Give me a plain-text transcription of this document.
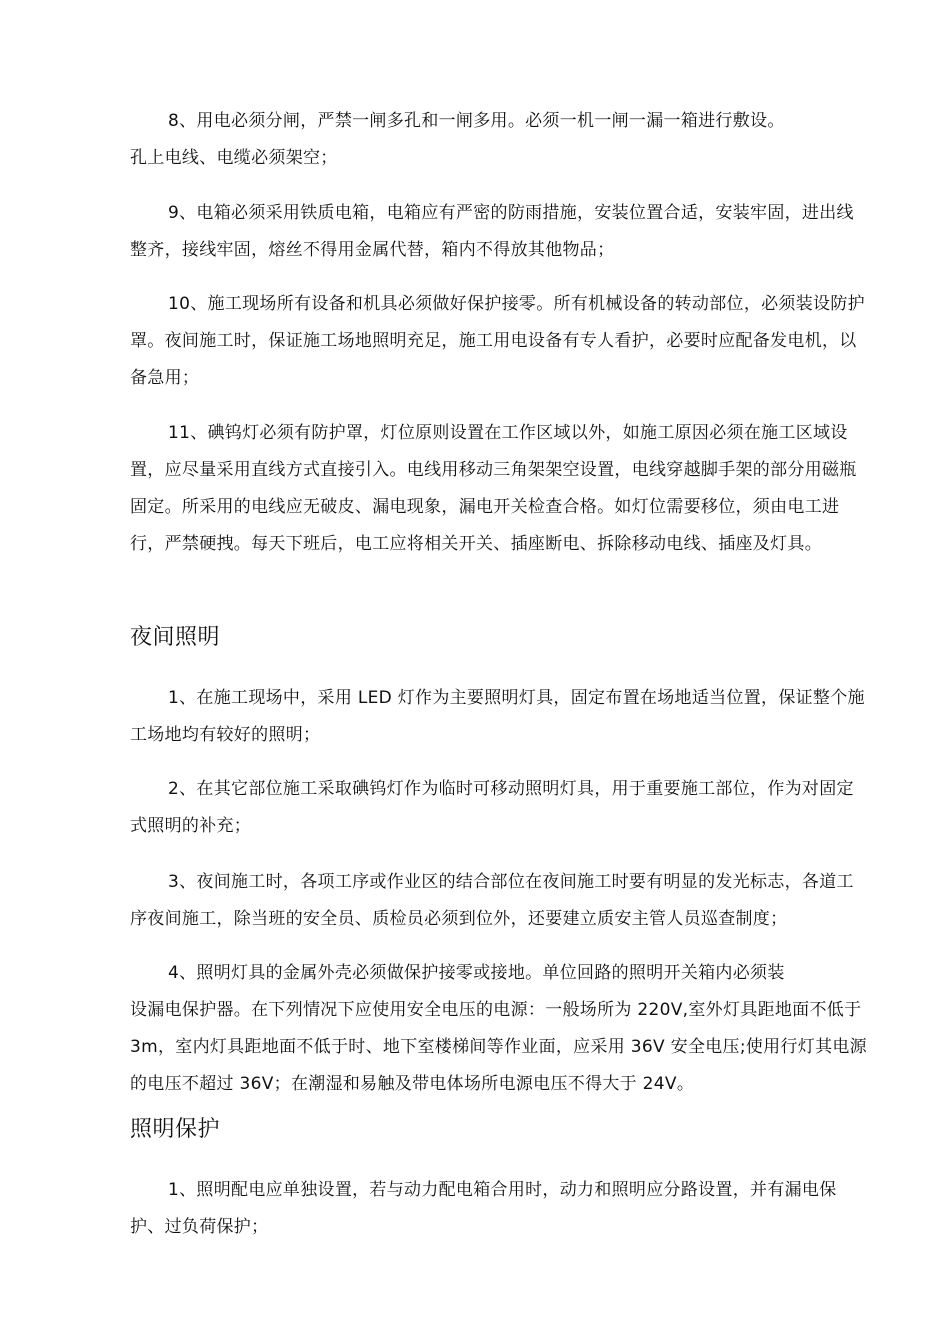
8、用电必须分闸，严禁一闸多孔和一闸多用。必须一机一闸一漏一箱进行敷设。

孔上电线、电缆必须架空；

9、电箱必须采用铁质电箱，电箱应有严密的防雨措施，安装位置合适，安装牢固，进出线整齐，接线牢固，熔丝不得用金属代替，箱内不得放其他物品；

10、施工现场所有设备和机具必须做好保护接零。所有机械设备的转动部位，必须装设防护罩。夜间施工时，保证施工场地照明充足，施工用电设备有专人看护，必要时应配备发电机，以备急用；

11、碘钨灯必须有防护罩，灯位原则设置在工作区域以外，如施工原因必须在施工区域设置，应尽量采用直线方式直接引入。电线用移动三角架架空设置，电线穿越脚手架的部分用磁瓶固定。所采用的电线应无破皮、漏电现象，漏电开关检查合格。如灯位需要移位，须由电工进行，严禁硬拽。每天下班后，电工应将相关开关、插座断电、拆除移动电线、插座及灯具。

夜间照明

1、在施工现场中，采用 LED 灯作为主要照明灯具，固定布置在场地适当位置，保证整个施工场地均有较好的照明；

2、在其它部位施工采取碘钨灯作为临时可移动照明灯具，用于重要施工部位，作为对固定式照明的补充；

3、夜间施工时，各项工序或作业区的结合部位在夜间施工时要有明显的发光标志，各道工序夜间施工，除当班的安全员、质检员必须到位外，还要建立质安主管人员巡查制度；

4、照明灯具的金属外壳必须做保护接零或接地。单位回路的照明开关箱内必须装

设漏电保护器。在下列情况下应使用安全电压的电源：一般场所为 220V,室外灯具距地面不低于 3m，室内灯具距地面不低于时、地下室楼梯间等作业面，应采用 36V 安全电压;使用行灯其电源的电压不超过 36V；在潮湿和易触及带电体场所电源电压不得大于 24V。

照明保护

1、照明配电应单独设置，若与动力配电箱合用时，动力和照明应分路设置，并有漏电保护、过负荷保护；
